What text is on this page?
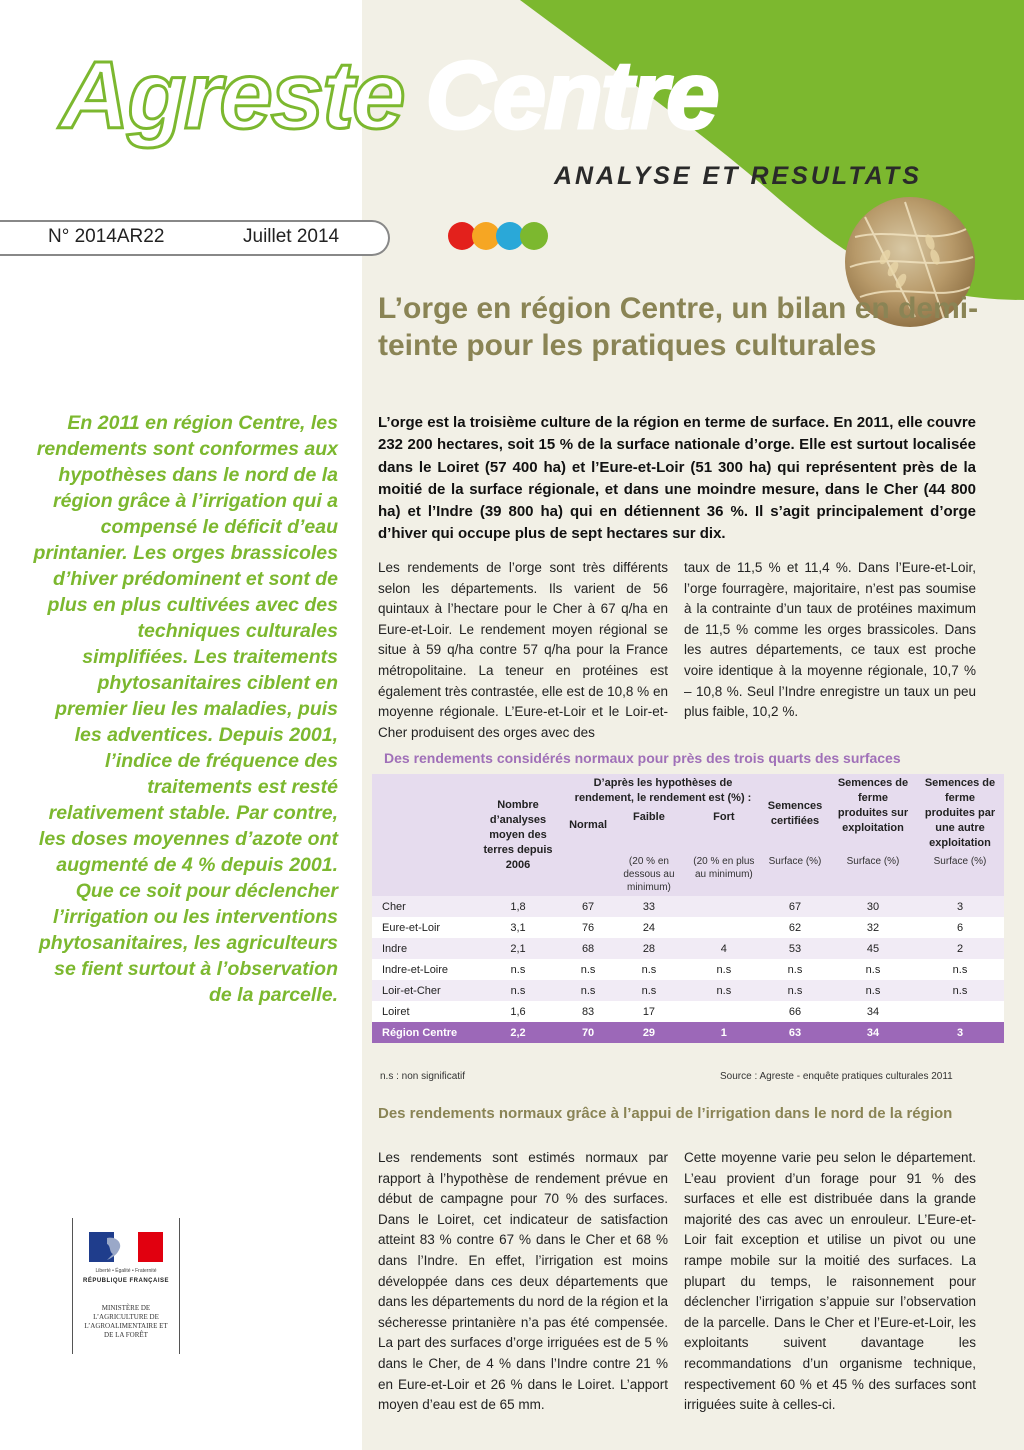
Agreste Centre
ANALYSE ET RESULTATS
N° 2014AR22	Juillet 2014
L’orge en région Centre, un bilan en demi-teinte pour les pratiques culturales
L’orge est la troisième culture de la région en terme de surface. En 2011, elle couvre 232 200 hectares, soit 15 % de la surface nationale d’orge. Elle est surtout localisée dans le Loiret (57 400 ha) et l’Eure-et-Loir (51 300 ha) qui représentent près de la moitié de la surface régionale, et dans une moindre mesure, dans le Cher (44 800 ha) et l’Indre (39 800 ha) qui en détiennent 36 %. Il s’agit principalement d’orge d’hiver qui occupe plus de sept hectares sur dix.
Les rendements de l’orge sont très différents selon les départements. Ils varient de 56 quintaux à l’hectare pour le Cher à 67 q/ha en Eure-et-Loir. Le rendement moyen régional se situe à 59 q/ha contre 57 q/ha pour la France métropolitaine. La teneur en protéines est également très contrastée, elle est de 10,8 % en moyenne régionale. L’Eure-et-Loir et le Loir-et-Cher produisent des orges avec des
taux de 11,5 % et 11,4 %. Dans l’Eure-et-Loir, l’orge fourragère, majoritaire, n’est pas soumise à la contrainte d’un taux de protéines maximum de 11,5 % comme les orges brassicoles. Dans les autres départements, ce taux est proche voire identique à la moyenne régionale, 10,7 % – 10,8 %. Seul l’Indre enregistre un taux un peu plus faible, 10,2 %.
En 2011 en région Centre, les rendements sont conformes aux hypothèses dans le nord de la région grâce à l’irrigation qui a compensé le déficit d’eau printanier. Les orges brassicoles d’hiver prédominent et sont de plus en plus cultivées avec des techniques culturales simplifiées. Les traitements phytosanitaires ciblent en premier lieu les maladies, puis les adventices. Depuis 2001, l’indice de fréquence des traitements est resté relativement stable. Par contre, les doses moyennes d’azote ont augmenté de 4 % depuis 2001. Que ce soit pour déclencher l’irrigation ou les interventions phytosanitaires, les agriculteurs se fient surtout à l’observation de la parcelle.
Des rendements considérés normaux pour près des trois quarts des surfaces
	Nombre d’analyses moyen des terres depuis 2006	D’après les hypothèses de rendement, le rendement est (%) :			Semences certifiées	Semences de ferme produites sur exploitation	Semences de ferme produites par une autre exploitation
		Normal	Faible	Fort			
			(20 % en dessous au minimum)	(20 % en plus au minimum)	Surface (%)	Surface (%)	Surface (%)
Cher	1,8	67	33		67	30	3
Eure-et-Loir	3,1	76	24		62	32	6
Indre	2,1	68	28	4	53	45	2
Indre-et-Loire	n.s	n.s	n.s	n.s	n.s	n.s	n.s
Loir-et-Cher	n.s	n.s	n.s	n.s	n.s	n.s	n.s
Loiret	1,6	83	17		66	34	
Région Centre	2,2	70	29	1	63	34	3
n.s : non significatif	Source : Agreste - enquête pratiques culturales 2011
Des rendements normaux grâce à l’appui de l’irrigation dans le nord de la région
Les rendements sont estimés normaux par rapport à l’hypothèse de rendement prévue en début de campagne pour 70 % des surfaces. Dans le Loiret, cet indicateur de satisfaction atteint 83 % contre 67 % dans le Cher et 68 % dans l’Indre. En effet, l’irrigation est moins développée dans ces deux départements que dans les départements du nord de la région et la sécheresse printanière n’a pas été compensée. La part des surfaces d’orge irriguées est de 5 % dans le Cher, de 4 % dans l’Indre contre 21 % en Eure-et-Loir et 26 % dans le Loiret. L’apport moyen d’eau est de 65 mm.
Cette moyenne varie peu selon le département. L’eau provient d’un forage pour 91 % des surfaces et elle est distribuée dans la grande majorité des cas avec un enrouleur. L’Eure-et-Loir fait exception et utilise un pivot ou une rampe mobile sur la moitié des surfaces. La plupart du temps, le raisonnement pour déclencher l’irrigation s’appuie sur l’observation de la parcelle. Dans le Cher et l’Eure-et-Loir, les exploitants suivent davantage les recommandations d’un organisme technique, respectivement 60 % et 45 % des surfaces sont irriguées suite à celles-ci.
Liberté • Égalité • Fraternité
RÉPUBLIQUE FRANÇAISE
MINISTÈRE DE L’AGRICULTURE DE L’AGROALIMENTAIRE ET DE LA FORÊT
